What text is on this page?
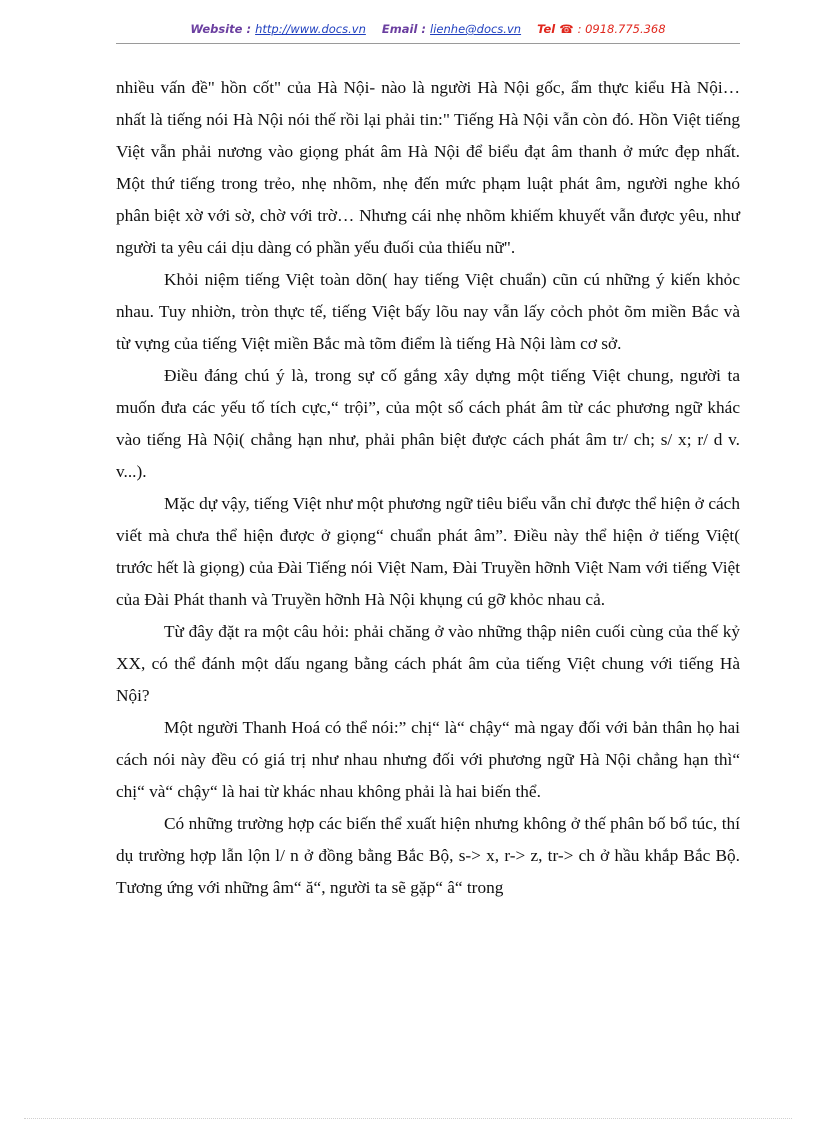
Website : http://www.docs.vn Email : lienhe@docs.vn Tel ☎ : 0918.775.368

nhiều vấn đề" hồn cốt" của Hà Nội- nào là người Hà Nội gốc, ẩm thực kiểu Hà Nội… nhất là tiếng nói Hà Nội nói thế rồi lại phải tin:" Tiếng Hà Nội vẫn còn đó. Hồn Việt tiếng Việt vẫn phải nương vào giọng phát âm Hà Nội để biểu đạt âm thanh ở mức đẹp nhất. Một thứ tiếng trong trẻo, nhẹ nhõm, nhẹ đến mức phạm luật phát âm, người nghe khó phân biệt xờ với sờ, chờ với trờ… Nhưng cái nhẹ nhõm khiếm khuyết vẫn được yêu, như người ta yêu cái dịu dàng có phần yếu đuối của thiếu nữ".

Khỏi niệm tiếng Việt toàn dõn( hay tiếng Việt chuẩn) cũn cú những ý kiến khỏc nhau. Tuy nhiờn, tròn thực tế, tiếng Việt bấy lõu nay vẫn lấy cỏch phỏt õm miền Bắc và từ vựng của tiếng Việt miền Bắc mà tõm điểm là tiếng Hà Nội làm cơ sở.

Điều đáng chú ý là, trong sự cố gắng xây dựng một tiếng Việt chung, người ta muốn đưa các yếu tố tích cực,“ trội”, của một số cách phát âm từ các phương ngữ khác vào tiếng Hà Nội( chẳng hạn như, phải phân biệt được cách phát âm tr/ ch; s/ x; r/ d v. v...).

Mặc dự vậy, tiếng Việt như một phương ngữ tiêu biểu vẫn chỉ được thể hiện ở cách viết mà chưa thể hiện được ở giọng“ chuẩn phát âm”. Điều này thể hiện ở tiếng Việt( trước hết là giọng) của Đài Tiếng nói Việt Nam, Đài Truyền hỡnh Việt Nam với tiếng Việt của Đài Phát thanh và Truyền hỡnh Hà Nội khụng cú gỡ khỏc nhau cả.

Từ đây đặt ra một câu hỏi: phải chăng ở vào những thập niên cuối cùng của thế kỷ XX, có thể đánh một dấu ngang bằng cách phát âm của tiếng Việt chung với tiếng Hà Nội?

Một người Thanh Hoá có thể nói:” chị“ là“ chậy“ mà ngay đối với bản thân họ hai cách nói này đều có giá trị như nhau nhưng đối với phương ngữ Hà Nội chẳng hạn thì“ chị“ và“ chậy“ là hai từ khác nhau không phải là hai biến thể.

Có những trường hợp các biến thể xuất hiện nhưng không ở thế phân bố bổ túc, thí dụ trường hợp lẫn lộn l/ n ở đồng bằng Bắc Bộ, s-> x, r-> z, tr-> ch ở hầu khắp Bắc Bộ. Tương ứng với những âm“ ă“, người ta sẽ gặp“ â“ trong
